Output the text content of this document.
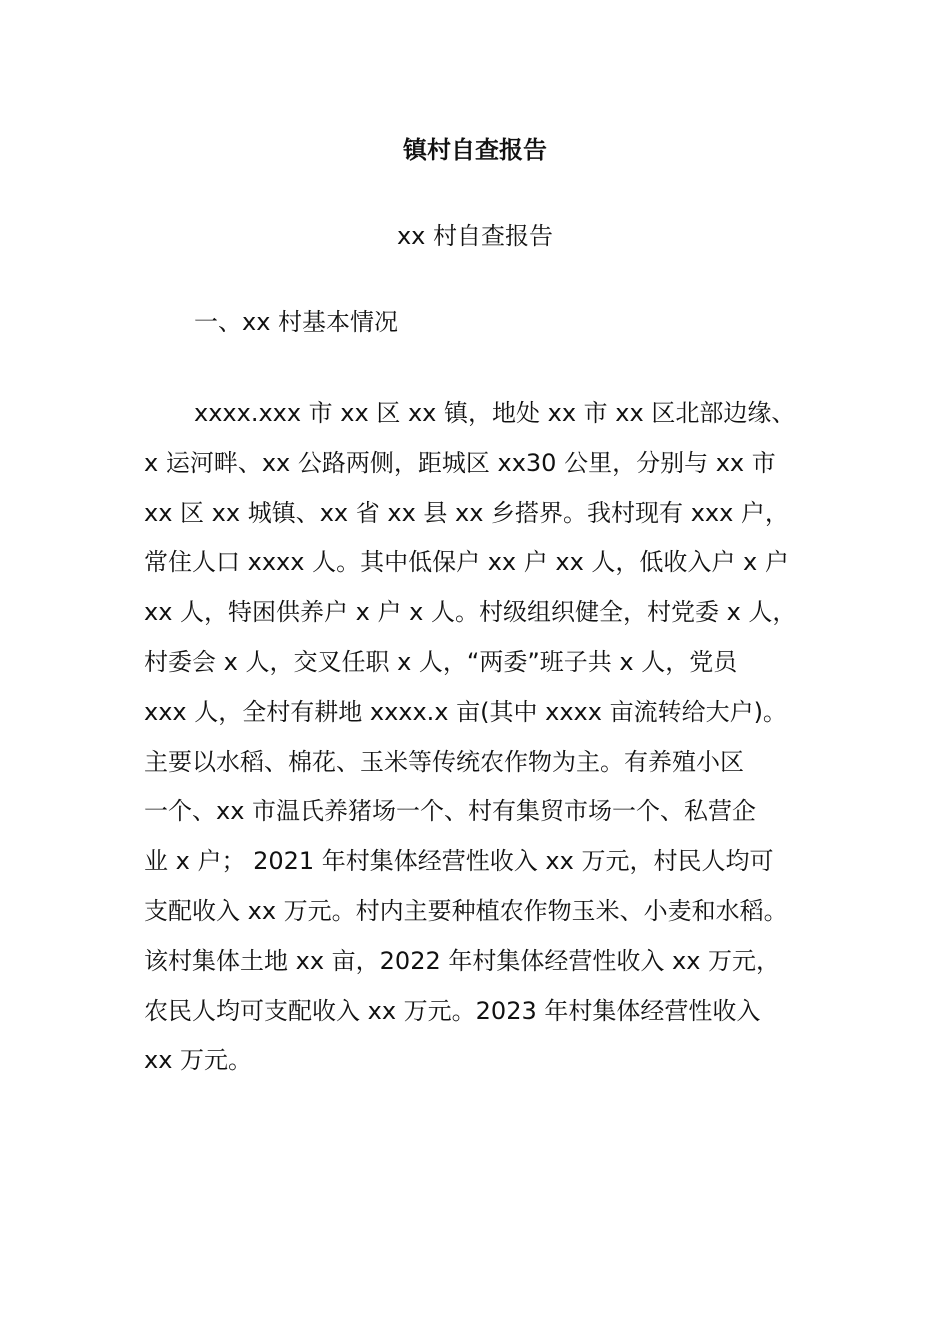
镇村自查报告
xx 村自查报告
一、xx 村基本情况
xxxx.xxx 市 xx 区 xx 镇，地处 xx 市 xx 区北部边缘、
x 运河畔、xx 公路两侧，距城区 xx30 公里，分别与 xx 市
xx 区 xx 城镇、xx 省 xx 县 xx 乡搭界。我村现有 xxx 户，
常住人口 xxxx 人。其中低保户 xx 户 xx 人，低收入户 x 户
xx 人，特困供养户 x 户 x 人。村级组织健全，村党委 x 人，
村委会 x 人，交叉任职 x 人，“两委”班子共 x 人，党员
xxx 人，全村有耕地 xxxx.x 亩(其中 xxxx 亩流转给大户)。
主要以水稻、棉花、玉米等传统农作物为主。有养殖小区
一个、xx 市温氏养猪场一个、村有集贸市场一个、私营企
业 x 户； 2021 年村集体经营性收入 xx 万元，村民人均可
支配收入 xx 万元。村内主要种植农作物玉米、小麦和水稻。
该村集体土地 xx 亩，2022 年村集体经营性收入 xx 万元，
农民人均可支配收入 xx 万元。2023 年村集体经营性收入
xx 万元。
